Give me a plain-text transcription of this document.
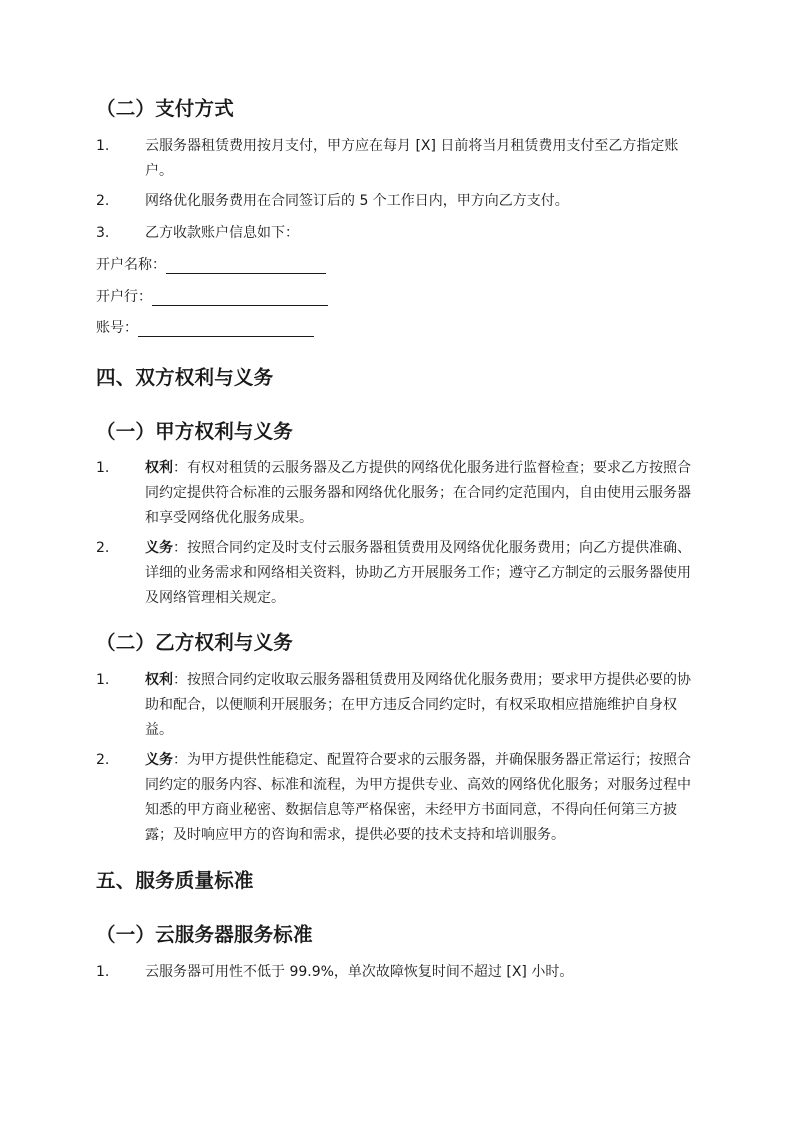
（二）支付方式
1.	云服务器租赁费用按月支付，甲方应在每月 [X] 日前将当月租赁费用支付至乙方指定账户。
2.	网络优化服务费用在合同签订后的 5 个工作日内，甲方向乙方支付。
3.	乙方收款账户信息如下：
开户名称：
开户行：
账号：
四、双方权利与义务
（一）甲方权利与义务
1.	权利：有权对租赁的云服务器及乙方提供的网络优化服务进行监督检查；要求乙方按照合同约定提供符合标准的云服务器和网络优化服务；在合同约定范围内，自由使用云服务器和享受网络优化服务成果。
2.	义务：按照合同约定及时支付云服务器租赁费用及网络优化服务费用；向乙方提供准确、详细的业务需求和网络相关资料，协助乙方开展服务工作；遵守乙方制定的云服务器使用及网络管理相关规定。
（二）乙方权利与义务
1.	权利：按照合同约定收取云服务器租赁费用及网络优化服务费用；要求甲方提供必要的协助和配合，以便顺利开展服务；在甲方违反合同约定时，有权采取相应措施维护自身权益。
2.	义务：为甲方提供性能稳定、配置符合要求的云服务器，并确保服务器正常运行；按照合同约定的服务内容、标准和流程，为甲方提供专业、高效的网络优化服务；对服务过程中知悉的甲方商业秘密、数据信息等严格保密，未经甲方书面同意，不得向任何第三方披露；及时响应甲方的咨询和需求，提供必要的技术支持和培训服务。
五、服务质量标准
（一）云服务器服务标准
1.	云服务器可用性不低于 99.9%，单次故障恢复时间不超过 [X] 小时。
